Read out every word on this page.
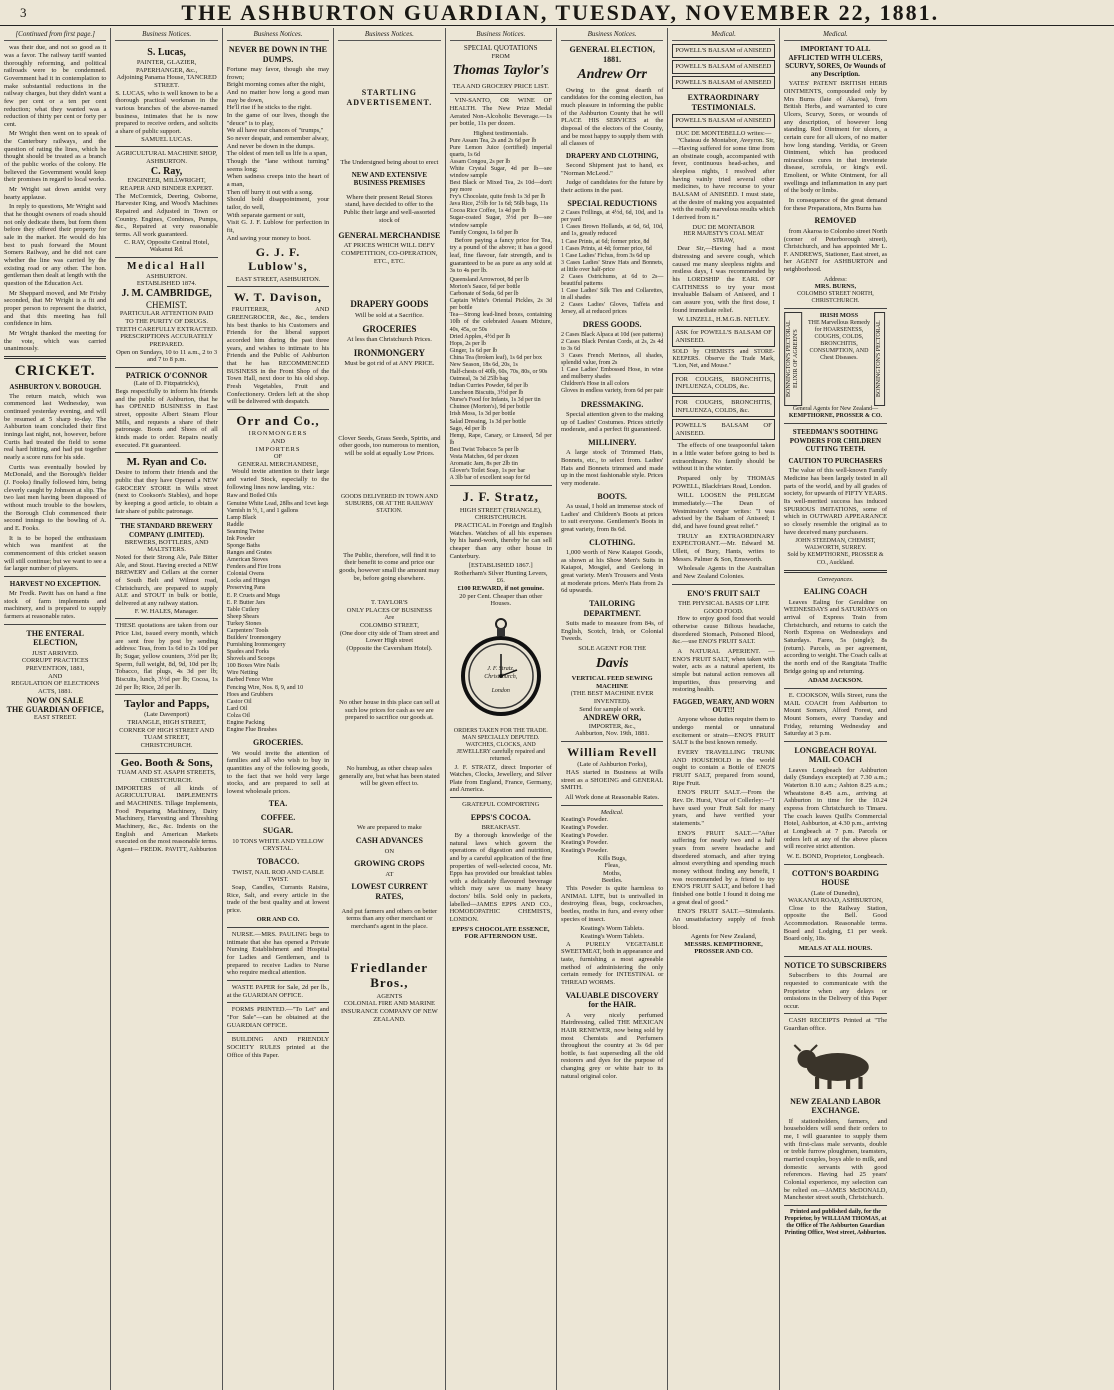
3	THE ASHBURTON GUARDIAN, TUESDAY, NOVEMBER 22, 1881.
[Continued from first page.]

was their due, and not so good as it was a favor. The railway tariff wanted thoroughly reforming, and political railroads were to be condemned. Government had it in contemplation to make substantial reductions in the railway charges, but they didn't want a few per cent or a ten per cent reduction; what they wanted was a reduction of thirty per cent or forty per cent.

Mr Wright then went on to speak of the Canterbury railways, and the question of rating the lines, which he thought should be treated as a branch of the public works of the colony. He believed the Government would keep their promises in regard to local works.

Mr Wright sat down amidst very hearty applause.

In reply to questions, Mr Wright said that he thought owners of roads should not only dedicate them, but form them before they offered their property for sale in the market. He would do his best to push forward the Mount Somers Railway, and he did not care whether the line was carried by the existing road or any other. The hon. gentleman then dealt at length with the question of the Education Act.

Mr Sheppard moved, and Mr Frisby seconded, that Mr Wright is a fit and proper person to represent the district, and that this meeting has full confidence in him.

Mr Wright thanked the meeting for the vote, which was carried unanimously.

CRICKET.
ASHBURTON V. BOROUGH.

The return match, which was commenced last Wednesday, was continued yesterday evening, and will be resumed at 5 sharp to-day. The Ashburton team concluded their first innings last night, not, however, before Curtis had treated the field to some real hard hitting, and had put together nearly a score runs for his side.

Curtis was eventually bowled by McDonald, and the Borough's fielder (J. Fooks) finally followed him, being cleverly caught by Johnson at slip. The two last men having been disposed of without much trouble to the bowlers, the Borough Club commenced their second innings to the bowling of A. and E. Fooks.

It is to be hoped the enthusiasm which was manifest at the commencement of this cricket season will still continue; but we want to see a far larger number of players.

HARVEST NO EXCEPTION.

Mr Fredk. Pavitt has on hand a fine stock of farm implements and machinery, and is prepared to supply farmers at reasonable rates.

THE ENTERAL ELECTION,
JUST ARRIVED.
CORRUPT PRACTICES PREVENTION, 1881,
AND
REGULATION OF ELECTIONS ACTS, 1881.
NOW ON SALE
THE GUARDIAN OFFICE,
EAST STREET.
Business Notices.
S. Lucas,
PAINTER, GLAZIER, PAPERHANGER, &c.,
Adjoining Panama House, TANCRED STREET.
S. LUCAS, who is well known to be a thorough practical workman in the various branches of the above-named business, intimates that he is now prepared to receive orders, and solicits a share of public support.
SAMUEL LUCAS.
AGRICULTURAL MACHINE SHOP, ASHBURTON.
C. Ray,
ENGINEER, MILLWRIGHT, REAPER AND BINDER EXPERT.
The McCormick, Deering, Osborne, Harvester King, and Wood's Machines Repaired and Adjusted in Town or Country. Engines, Combines, Pumps, &c., Repaired at very reasonable terms. All work guaranteed.
C. RAY, Opposite Central Hotel, Wakanui Rd.
Medical Hall
ASHBURTON.
ESTABLISHED 1874.
J. M. CAMBRIDGE,
CHEMIST.
PARTICULAR ATTENTION PAID TO THE PURITY OF DRUGS.
TEETH CAREFULLY EXTRACTED.
PRESCRIPTIONS ACCURATELY PREPARED.
Open on Sundays, 10 to 11 a.m., 2 to 3 and 7 to 8 p.m.
PATRICK O'CONNOR
(Late of D. Fitzpatrick's),
Begs respectfully to inform his friends and the public of Ashburton, that he has OPENED BUSINESS in East street, opposite Albert Steam Flour Mills, and requests a share of their patronage. Boots and Shoes of all kinds made to order. Repairs neatly executed. Fit guaranteed.
M. Ryan and Co.
Desire to inform their friends and the public that they have Opened a NEW GROCERY STORE in Wills street (next to Cookson's Stables), and hope by keeping a good article, to obtain a fair share of public patronage.
THE STANDARD BREWERY COMPANY (LIMITED).
BREWERS, BOTTLERS, AND MALTSTERS.
Noted for their Strong Ale, Pale Bitter Ale, and Stout. Having erected a NEW BREWERY and Cellars at the corner of South Belt and Wilmot road, Christchurch, are prepared to supply ALE and STOUT in bulk or bottle, delivered at any railway station.
F. W. HALES, Manager.
THESE quotations are taken from our Price List, issued every month, which are sent free by post by sending address: Teas, from 1s 6d to 2s 10d per lb; Sugar, yellow counters, 3½d per lb; Sperm, full weight, 8d, 9d, 10d per lb; Tobacco, flat plugs, 4s 3d per lb; Biscuits, lunch, 3½d per lb; Cocoa, 1s 2d per lb; Rice, 2d per lb.
Taylor and Papps,
(Late Davenport)
TRIANGLE, HIGH STREET,
CORNER OF HIGH STREET AND TUAM STREET,
CHRISTCHURCH.
Geo. Booth & Sons,
TUAM AND ST. ASAPH STREETS, CHRISTCHURCH.
IMPORTERS of all kinds of AGRICULTURAL IMPLEMENTS and MACHINES. Tillage Implements, Food Preparing Machinery, Dairy Machinery, Harvesting and Threshing Machinery, &c., &c. Indents on the English and American Markets executed on the most reasonable terms.
Agent— FREDK. PAVITT, Ashburton
Business Notices.
NEVER BE DOWN IN THE DUMPS.
Fortune may favor, though she may frown;
Bright morning comes after the night,
And no matter how long a good man may be down,
He'll rise if he sticks to the right.
In the game of our lives, though the "deuce" is to play,
We all have our chances of "trumps,"
So never despair, and remember alway,
And never be down in the dumps.
The oldest of men tell us life is a span,
Though the "lane without turning" seems long;
When sadness creeps into the heart of a man,
Then off hurry it out with a song.
Should bold disappointment, your tailor, do well,
With separate garment or suit,
Visit G. J. F. Lublow for perfection in fit,
And saving your money to boot.
G. J. F. Lublow's,
EAST STREET, ASHBURTON.
W. T. Davison,

FRUITERER, AND GREENGROCER, &c., &c., tenders his best thanks to his Customers and Friends for the liberal support accorded him during the past three years, and wishes to intimate to his Friends and the Public of Ashburton that he has RECOMMENCED BUSINESS in the Front Shop of the Town Hall, next door to his old shop. Fresh Vegetables, Fruit and Confectionery. Orders left at the shop will be delivered with despatch.

Orr and Co.,
IRONMONGERS
AND
IMPORTERS
OF
GENERAL MERCHANDISE,

Would invite attention to their large and varied Stock, especially to the following lines now landing, viz.:

Raw and Boiled Oils
Genuine White Lead, 28lbs and 1cwt kegs
Varnish in ½, 1, and 1 gallons
Lamp Black
Raddle
Seaming Twine
Ink Powder
Sponge Baths
Ranges and Grates
American Stoves
Fenders and Fire Irons
Colonial Ovens
Locks and Hinges
Preserving Pans
E. P. Cruets and Mugs
E. P. Butter Jars
Table Cutlery
Sheep Shears
Turkey Stones
Carpenters' Tools
Builders' Ironmongery
Furnishing Ironmongery
Spades and Forks
Shovels and Scoops
100 Boxes Wire Nails
Wire Netting
Barbed Fence Wire
Fencing Wire, Nos. 8, 9, and 10
Hoes and Grubbers
Castor Oil
Lard Oil
Colza Oil
Engine Packing
Engine Flue Brushes
GROCERIES.

We would invite the attention of families and all who wish to buy in quantities any of the following goods, to the fact that we hold very large stocks, and are prepared to sell at lowest wholesale prices.

TEA.
COFFEE.
SUGAR.
10 TONS WHITE AND YELLOW CRYSTAL.
TOBACCO.
TWIST, NAIL ROD AND CABLE TWIST.

Soap, Candles, Currants Raisins, Rice, Salt, and every article in the trade of the best quality and at lowest price.

ORR AND CO.

NURSE.—MRS. PAULING begs to intimate that she has opened a Private Nursing Establishment and Hospital for Ladies and Gentlemen, and is prepared to receive Ladies to Nurse who require medical attention.

WASTE PAPER for Sale, 2d per lb., at the GUARDIAN OFFICE.

FORMS PRINTED.—"To Let" and "For Sale"—can be obtained at the GUARDIAN OFFICE.

BUILDING AND FRIENDLY SOCIETY RULES printed at the Office of this Paper.

Business Notices.
STARTLING ADVERTISEMENT.
The Undersigned being about to erect
NEW AND EXTENSIVE BUSINESS PREMISES

Where their present Retail Stores stand, have decided to offer to the Public their large and well-assorted stock of

GENERAL MERCHANDISE
AT PRICES WHICH WILL DEFY COMPETITION, CO-OPERATION, ETC., ETC.
DRAPERY GOODS
Will be sold at a Sacrifice.
GROCERIES
At less than Christchurch Prices.
IRONMONGERY
Must be got rid of at ANY PRICE.

Clover Seeds, Grass Seeds, Spirits, and other goods, too numerous to mention, will be sold at equally Low Prices.

GOODS DELIVERED IN TOWN AND SUBURBS, OR AT THE RAILWAY STATION.

The Public, therefore, will find it to their benefit to come and price our goods, however small the amount may be, before going elsewhere.

T. TAYLOR'S
ONLY PLACES OF BUSINESS
Are
COLOMBO STREET,
(One door city side of Tram street and Lower High street
(Opposite the Caversham Hotel).

No other house in this place can sell at such low prices for cash as we are prepared to sacrifice our goods at.

No humbug, as other cheap sales generally are, but what has been stated will be given effect to.

We are prepared to make
CASH ADVANCES
ON
GROWING CROPS
AT
LOWEST CURRENT RATES,

And put farmers and others on better terms than any other merchant or merchant's agent in the place.

Friedlander Bros.,
AGENTS
COLONIAL FIRE AND MARINE INSURANCE COMPANY OF NEW ZEALAND.
Business Notices.
SPECIAL QUOTATIONS
FROM
Thomas Taylor's
TEA AND GROCERY PRICE LIST.

VIN-SANTO, OR WINE OF HEALTH. The New Prize Medal Aerated Non-Alcoholic Beverage.—1s per bottle, 11s per dozen.

Highest testimonials.
Pure Assam Tea, 2s and 2s 6d per lb
Pure Lemon Juice (certified) imperial quarts, 1s 6d
Assam Congou, 2s per lb
White Crystal Sugar, 4d per lb—see window sample
Best Black or Mixed Tea, 2s 10d—don't pay more
Fry's Chocolate, quite fresh 1s 3d per lb
Java Rice, 2½lb for 1s 6d; 56lb bags, 11s
Cocoa Rice Coffee, 1s 4d per lb
Sugar-coated Sugar, 3½d per lb—see window sample
Family Congou, 1s 6d per lb

Before paying a fancy price for Tea, try a pound of the above; it has a good leaf, fine flavour, fair strength, and is guaranteed to be as pure as any sold at 3s to 4s per lb.

Queensland Arrowroot, 8d per lb
Morton's Sauce, 6d per bottle
Carbonate of Soda, 6d per lb
Captain White's Oriental Pickles, 2s 3d per bottle
Tea—Strong lead-lined boxes, containing 10lb of the celebrated Assam Mixture, 40s, 45s, or 50s
Dried Apples, 4½d per lb
Hops, 2s per lb
Ginger, 1s 6d per lb
China Tea (broken leaf), 1s 6d per box
New Season, 18s 6d, 20s, 1s
Half-chests of 40lb, 60s, 70s, 80s, or 90s
Oatmeal, 3s 3d 25lb bag
Indian Curries Powder, 6d per lb
Luncheon Biscuits, 3½d per lb
Nurse's Food for Infants, 1s 3d per tin
Chutnee (Morton's), 9d per bottle
Irish Moss, 1s 3d per bottle
Salad Dressing, 1s 3d per bottle
Sago, 4d per lb
Hemp, Rape, Canary, or Linseed, 5d per lb
Best Twist Tobacco 5s per lb
Vesta Matches, 6d per dozen
Aromatic Jam, 8s per 2lb tin
Glover's Toilet Soap, 1s per bar
A 3lb bar of excellent soap for 6d
J. F. Stratz,
HIGH STREET (TRIANGLE), CHRISTCHURCH.

PRACTICAL in Foreign and English Watches. Watches of all his expenses by his hand-work, thereby he can sell cheaper than any other house in Canterbury.

[ESTABLISHED 1867.]
Rotherham's Silver Hunting Levers, £6.
£100 REWARD, if not genuine.
20 per Cent. Cheaper than other Houses.
J. F. Stratz,
Christchurch,
London
ORDERS TAKEN FOR THE TRADE.
MAN SPECIALLY DEPUTED.
WATCHES, CLOCKS, AND JEWELLERY carefully repaired and returned.

J. F. STRATZ, direct Importer of Watches, Clocks, Jewellery, and Silver Plate from England, France, Germany, and America.

GRATEFUL COMFORTING
EPPS'S COCOA.
BREAKFAST.

By a thorough knowledge of the natural laws which govern the operations of digestion and nutrition, and by a careful application of the fine properties of well-selected cocoa, Mr. Epps has provided our breakfast tables with a delicately flavoured beverage which may save us many heavy doctors' bills. Sold only in packets, labelled—JAMES EPPS AND CO., HOMOEOPATHIC CHEMISTS, LONDON.

EPPS'S CHOCOLATE ESSENCE, FOR AFTERNOON USE.
Business Notices.
GENERAL ELECTION, 1881.
Andrew Orr

Owing to the great dearth of candidates for the coming election, has much pleasure in informing the public of the Ashburton County that he will PLACE HIS SERVICES at the disposal of the electors of the County, and be most happy to supply them with all classes of

DRAPERY AND CLOTHING,

Second Shipment just to hand, ex "Norman McLeod."

Judge of candidates for the future by their actions in the past.

SPECIAL REDUCTIONS
2 Cases Frillings, at 4½d, 6d, 10d, and 1s per yard
1 Cases Brown Hollands, at 6d, 6d, 10d, and 1s, greatly reduced
1 Case Prints, at 6d; former price, 8d
1 Cases Prints, at 4d; former price, 6d
1 Case Ladies' Fichus, from 3s 6d up
3 Cases Ladies' Straw Hats and Bonnets, at little over half-price
2 Cases Ostrichums, at 6d to 2s—beautiful patterns
1 Case Ladies' Silk Ties and Collarettes, in all shades
2 Cases Ladies' Gloves, Taffeta and Jersey, all at reduced prices
DRESS GOODS.
2 Cases Black Alpaca at 10d (see patterns)
2 Cases Black Persian Cords, at 2s, 2s 4d to 3s 6d
3 Cases French Merinos, all shades, splendid value, from 2s
1 Case Ladies' Embossed Hose, in wine and mulberry shades
Children's Hose in all colors
Gloves in endless variety, from 6d per pair
DRESSMAKING.

Special attention given to the making up of Ladies' Costumes. Prices strictly moderate, and a perfect fit guaranteed.

MILLINERY.

A large stock of Trimmed Hats, Bonnets, etc., to select from. Ladies' Hats and Bonnets trimmed and made up in the most fashionable style. Prices very moderate.

BOOTS.

As usual, I hold an immense stock of Ladies' and Children's Boots at prices to suit everyone. Gentlemen's Boots in great variety, from 8s 6d.

CLOTHING.

1,000 worth of New Kaiapoi Goods, as shown at his Show Men's Suits in Kaiapoi, Mosgiel, and Geelong in great variety. Men's Trousers and Vests at moderate prices. Men's Hats from 2s 6d upwards.

TAILORING DEPARTMENT.

Suits made to measure from 84s, of English, Scotch, Irish, or Colonial Tweeds.

SOLE AGENT FOR THE
Davis
VERTICAL FEED SEWING MACHINE
(THE BEST MACHINE EVER INVENTED).
Send for sample of work.
ANDREW ORR,
IMPORTER, &c.,
Ashburton, Nov. 19th, 1881.
William Revell
(Late of Ashburton Forks),

HAS started in Business at Wills street as a SHOEING and GENERAL SMITH.

All Work done at Reasonable Rates.
Medical.
Keating's Powder.
Keating's Powder.
Keating's Powder.
Keating's Powder.
Keating's Powder.
Kills Bugs,
Fleas,
Moths,
Beetles.

This Powder is quite harmless to ANIMAL LIFE, but is unrivalled in destroying fleas, bugs, cockroaches, beetles, moths in furs, and every other species of insect.

Keating's Worm Tablets.
Keating's Worm Tablets.

A PURELY VEGETABLE SWEETMEAT, both in appearance and taste, furnishing a most agreeable method of administering the only certain remedy for INTESTINAL or THREAD WORMS.

VALUABLE DISCOVERY for the HAIR.

A very nicely perfumed Hairdressing, called THE MEXICAN HAIR RENEWER, now being sold by most Chemists and Perfumers throughout the country at 3s 6d per bottle, is fast superseding all the old restorers and dyes for the purpose of changing grey or white hair to its natural original color.

Medical.
POWELL'S BALSAM of ANISEED
POWELL'S BALSAM of ANISEED
POWELL'S BALSAM of ANISEED
EXTRAORDINARY TESTIMONIALS.
POWELL'S BALSAM of ANISEED
DUC DE MONTEBELLO writes:—

"Chateau de Montabor, Aveyron. Sir,—Having suffered for some time from an obstinate cough, accompanied with fever, continuous head-aches, and sleepless nights, I resolved after having vainly tried several other medicines, to have recourse to your BALSAM of ANISEED. I must state, at the desire of making you acquainted with the really marvelous results which I derived from it."

DUC DE MONTABOR
HER MAJESTY'S COAL MEAT STRAW,

Dear Sir,—Having had a most distressing and severe cough, which caused me many sleepless nights and restless days, I was recommended by his LORDSHIP the EARL OF CAITHNESS to try your most invaluable Balsam of Aniseed, and I can assure you, with the first dose, I found immediate relief.

W. LINZELL, H.M.G.B. NETLEY.
ASK for POWELL'S BALSAM OF ANISEED.
SOLD by CHEMISTS and STORE-KEEPERS. Observe the Trade Mark, "Lion, Net, and Mouse."
FOR COUGHS, BRONCHITIS, INFLUENZA, COLDS, &c.
FOR COUGHS, BRONCHITIS, INFLUENZA, COLDS, &c.
POWELL'S BALSAM OF ANISEED.

The effects of one teaspoonful taken in a little water before going to bed is extraordinary. No family should be without it in the winter.

Prepared only by THOMAS POWELL, Blackfriars Road, London.

WILL LOOSEN the PHLEGM immediately.—The Dean of Westminster's verger writes: "I was advised by the Balsam of Aniseed; I did, and have found great relief."

TRULY an EXTRAORDINARY EXPECTORANT.—Mr. Edward M. Ullett, of Bury, Hants, writes to Messrs. Palmer & Son, Emsworth.

Wholesale Agents in the Australian and New Zealand Colonies.

ENO'S FRUIT SALT
THE PHYSICAL BASIS OF LIFE
GOOD FOOD.

How to enjoy good food that would otherwise cause Bilious headache, disordered Stomach, Poisoned Blood, &c.—use ENO'S FRUIT SALT.

A NATURAL APERIENT. — ENO'S FRUIT SALT, when taken with water, acts as a natural aperient, its simple but natural action removes all impurities, thus preserving and restoring health.

FAGGED, WEARY, AND WORN OUT!!!

Anyone whose duties require them to undergo mental or unnatural excitement or strain—ENO'S FRUIT SALT is the best known remedy.

EVERY TRAVELLING TRUNK AND HOUSEHOLD in the world ought to contain a Bottle of ENO'S FRUIT SALT, prepared from sound, Ripe Fruit.

ENO'S FRUIT SALT.—From the Rev. Dr. Hurst, Vicar of Collerley:—"I have used your Fruit Salt for many years, and have verified your statements."

ENO'S FRUIT SALT.—"After suffering for nearly two and a half years from severe headache and disordered stomach, and after trying almost everything and spending much money without finding any benefit, I was recommended by a friend to try ENO'S FRUIT SALT, and before I had finished one bottle I found it doing me a great deal of good."

ENO'S FRUIT SALT.—Stimulants. An unsatisfactory supply of fresh blood.

Agents for New Zealand,
MESSRS. KEMPTHORNE, PROSSER AND CO.
Medical.
IMPORTANT TO ALL AFFLICTED WITH ULCERS, SCURVY, SORES, Or Wounds of any Description.

YATES' PATENT BRITISH HERB OINTMENTS, compounded only by Mrs Burns (late of Akaroa), from British Herbs, and warranted to cure Ulcers, Scurvy, Sores, or wounds of any description, of however long standing. Red Ointment for ulcers, a certain cure for all ulcers, of no matter how long standing. Veridia, or Green Ointment, which has produced miraculous cures in that inveterate disease, scrofula, or king's evil. Emolient, or White Ointment, for all swellings and inflammation in any part of the body or limbs.

In consequence of the great demand for these Preparations, Mrs Burns has

REMOVED

from Akaroa to Colombo street North (corner of Peterborough street), Christchurch, and has appointed Mr L. F. ANDREWS, Stationer, East street, as her AGENT for ASHBURTON and neighborhood.

Address:
MRS. BURNS,
COLOMBO STREET NORTH, CHRISTCHURCH.
BONNINGTON'S PECTORAL ELIXIR OF AGREEN'S
IRISH MOSS
THE Marvellous Remedy for HOARSENESS, COUGHS, COLDS, BRONCHITIS, CONSUMPTION, AND Chest Diseases.	BONNINGTON'S PECTORAL
General Agents for New Zealand—
KEMPTHORNE, PROSSER & CO.
STEEDMAN'S SOOTHING POWDERS FOR CHILDREN CUTTING TEETH.
CAUTION TO PURCHASERS

The value of this well-known Family Medicine has been largely tested in all parts of the world, and by all grades of society, for upwards of FIFTY YEARS. Its well-merited success has induced SPURIOUS IMITATIONS, some of which in OUTWARD APPEARANCE so closely resemble the original as to have deceived many purchasers.

JOHN STEEDMAN, CHEMIST, WALWORTH, SURREY.
Sold by KEMPTHORNE, PROSSER & CO., Auckland.
Conveyances.
EALING COACH

Leaves Ealing for Geraldine on WEDNESDAYS and SATURDAYS on arrival of Express Train from Christchurch, and returns to catch the North Express on Wednesdays and Saturdays. Fares, 5s (single); 8s (return). Parcels, as per agreement, according to weight. The Coach calls at the north end of the Rangitata Traffic Bridge going up and returning.

ADAM JACKSON.

E. COOKSON, Wills Street, runs the MAIL COACH from Ashburton to Mount Somers, Alford Forest, and Mount Somers, every Tuesday and Friday, returning Wednesday and Saturday at 3 p.m.

LONGBEACH ROYAL MAIL COACH

Leaves Longbeach for Ashburton daily (Sundays excepted) at 7.30 a.m.; Waterton 8.10 a.m.; Ashton 8.25 a.m.; Wheatstone 8.45 a.m., arriving at Ashburton in time for the 10.24 express from Christchurch to Timaru. The coach leaves Quill's Commercial Hotel, Ashburton, at 4.30 p.m., arriving at Longbeach at 7 p.m. Parcels or orders left at any of the above places will receive strict attention.

W. E. BOND, Proprietor, Longbeach.
COTTON'S BOARDING HOUSE
(Late of Dunedin),
WAKANUI ROAD, ASHBURTON,

Close to the Railway Station, opposite the Bell. Good Accommodation. Reasonable terms. Board and Lodging, £1 per week. Board only, 18s.

MEALS AT ALL HOURS.
NOTICE TO SUBSCRIBERS

Subscribers to this Journal are requested to communicate with the Proprietor when any delays or omissions in the Delivery of this Paper occur.

CASH RECEIPTS Printed at "The Guardian office.

NEW ZEALAND LABOR EXCHANGE.

If stationholders, farmers, and householders will send their orders to me, I will guarantee to supply them with first-class male servants, double or treble furrow ploughmen, teamsters, married couples, boys able to milk, and domestic servants with good references. Having had 25 years' Colonial experience, my selection can be relied on.—JAMES McDONALD, Manchester street south, Christchurch.

Printed and published daily, for the Proprietor, by WILLIAM THOMAS, at the Office of The Ashburton Guardian Printing Office, West street, Ashburton.
